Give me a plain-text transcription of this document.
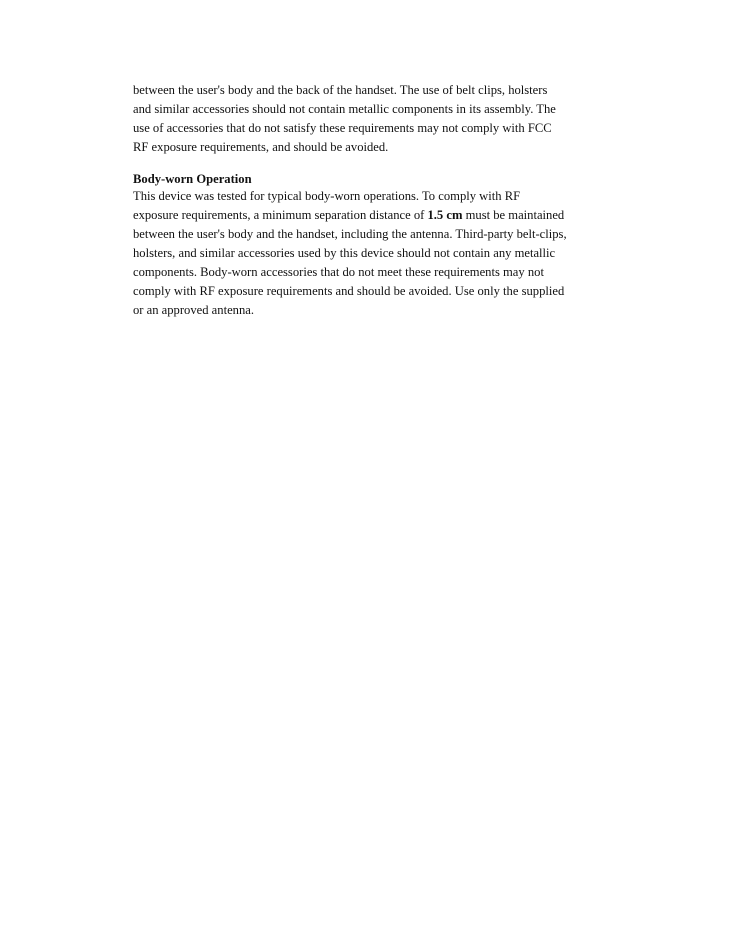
between the user's body and the back of the handset. The use of belt clips, holsters
and similar accessories should not contain metallic components in its assembly. The
use of accessories that do not satisfy these requirements may not comply with FCC
RF exposure requirements, and should be avoided.
Body-worn Operation
This device was tested for typical body-worn operations. To comply with RF
exposure requirements, a minimum separation distance of 1.5 cm must be maintained
between the user's body and the handset, including the antenna. Third-party belt-clips,
holsters, and similar accessories used by this device should not contain any metallic
components. Body-worn accessories that do not meet these requirements may not
comply with RF exposure requirements and should be avoided. Use only the supplied
or an approved antenna.
